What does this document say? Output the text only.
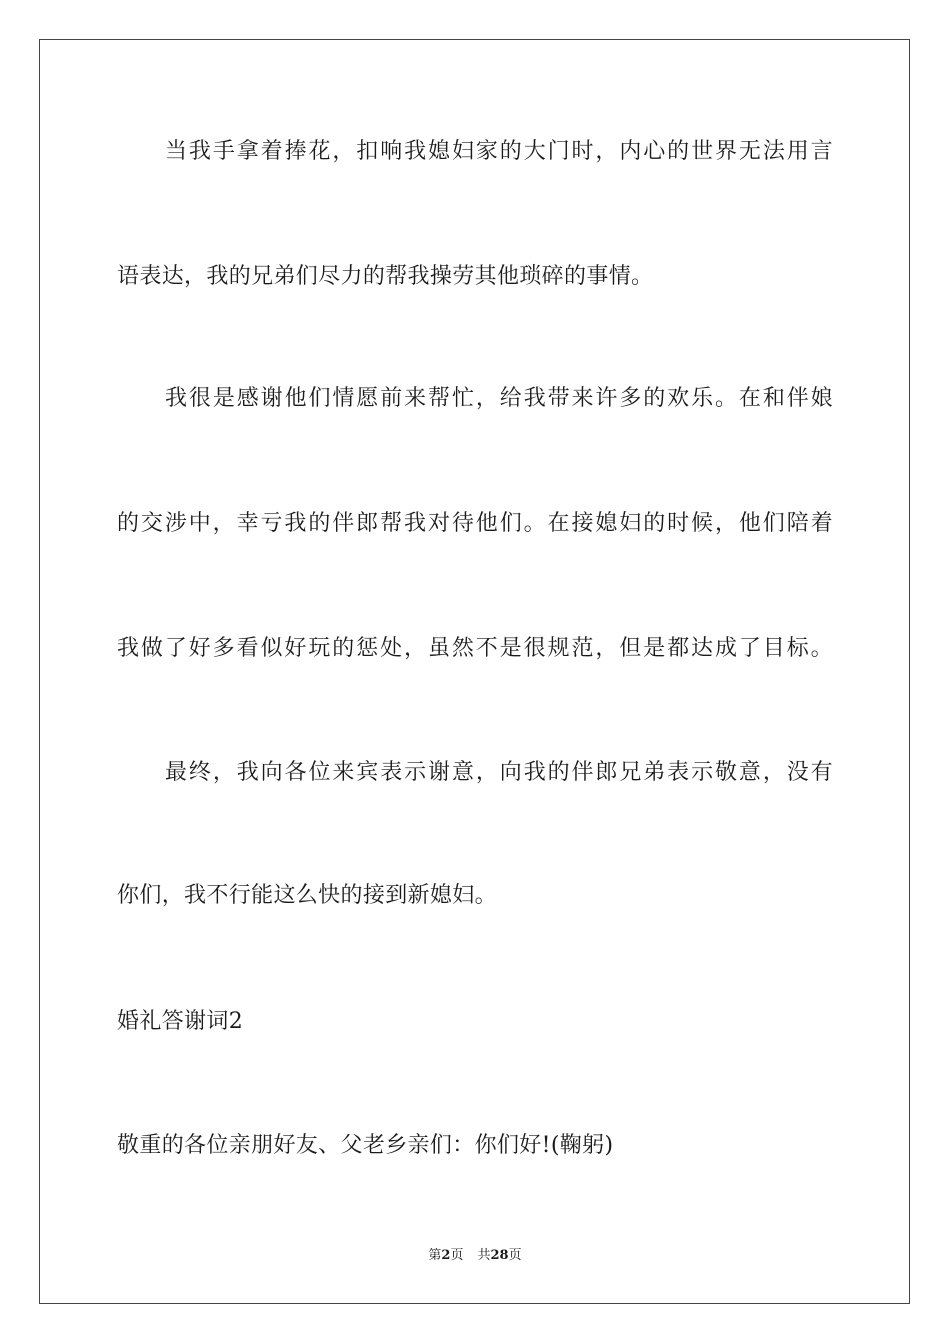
当我手拿着捧花，扣响我媳妇家的大门时，内心的世界无法用言
语表达，我的兄弟们尽力的帮我操劳其他琐碎的事情。
我很是感谢他们情愿前来帮忙，给我带来许多的欢乐。在和伴娘
的交涉中，幸亏我的伴郎帮我对待他们。在接媳妇的时候，他们陪着
我做了好多看似好玩的惩处，虽然不是很规范，但是都达成了目标。
最终，我向各位来宾表示谢意，向我的伴郎兄弟表示敬意，没有
你们，我不行能这么快的接到新媳妇。
婚礼答谢词2
敬重的各位亲朋好友、父老乡亲们：你们好!(鞠躬)
第2页 共28页
